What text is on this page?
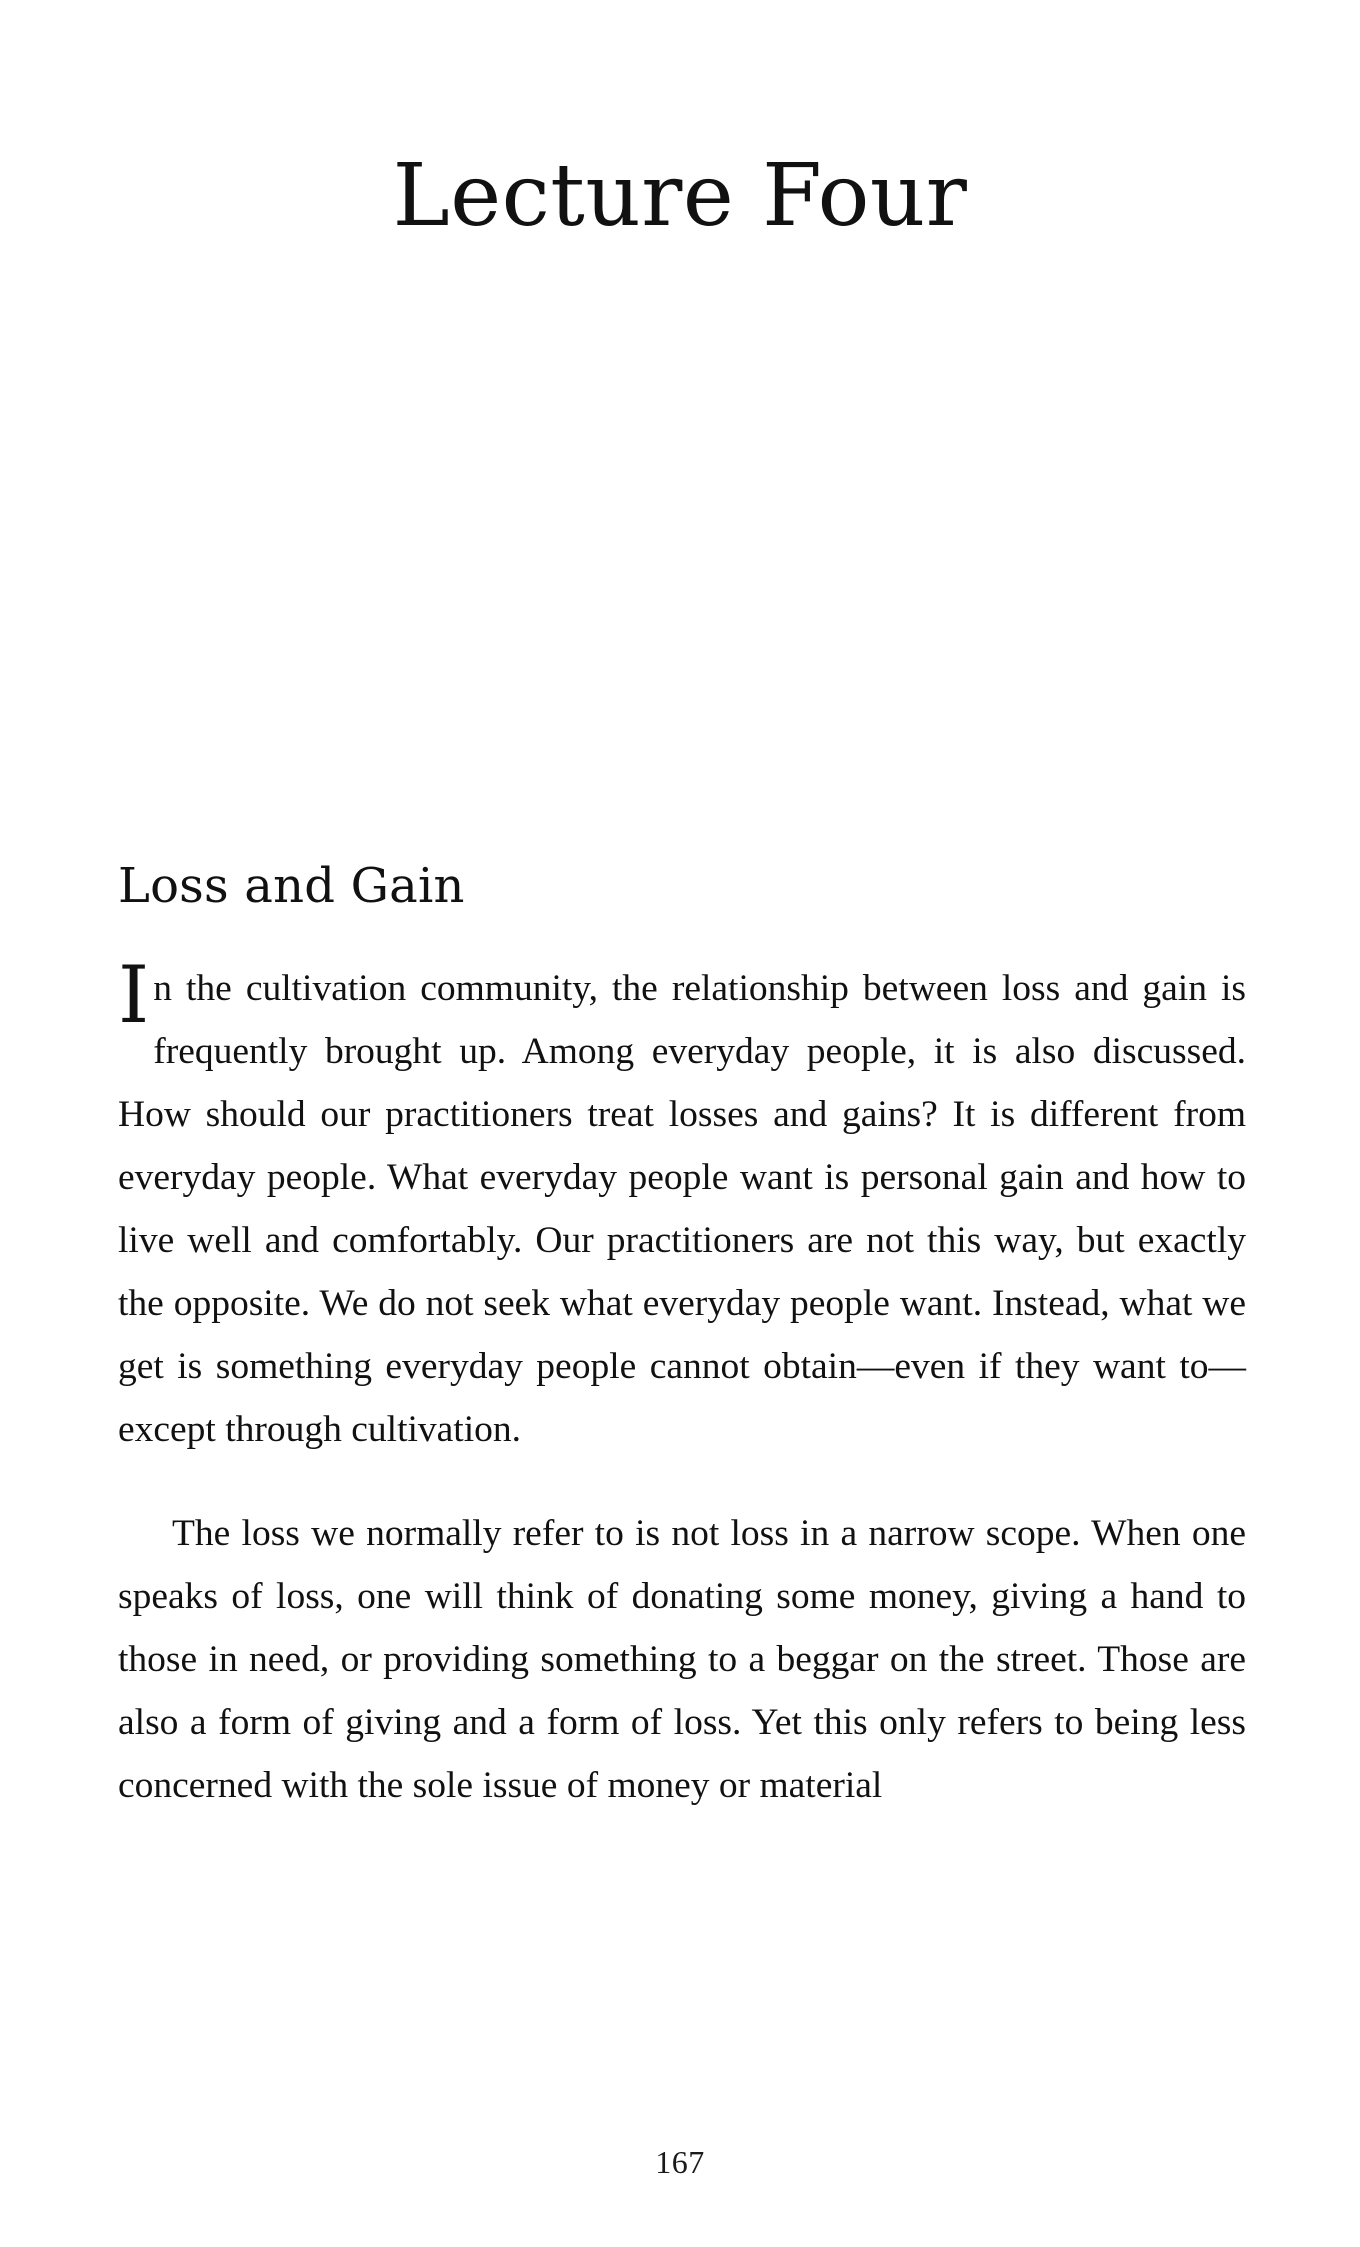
Lecture Four
Loss and Gain

In the cultivation community, the relationship between loss and gain is frequently brought up. Among everyday people, it is also discussed. How should our practitioners treat losses and gains? It is different from everyday people. What everyday people want is personal gain and how to live well and comfortably. Our practitioners are not this way, but exactly the opposite. We do not seek what everyday people want. Instead, what we get is something everyday people cannot obtain—even if they want to—except through cultivation.

The loss we normally refer to is not loss in a narrow scope. When one speaks of loss, one will think of donating some money, giving a hand to those in need, or providing something to a beggar on the street. Those are also a form of giving and a form of loss. Yet this only refers to being less concerned with the sole issue of money or material

167
